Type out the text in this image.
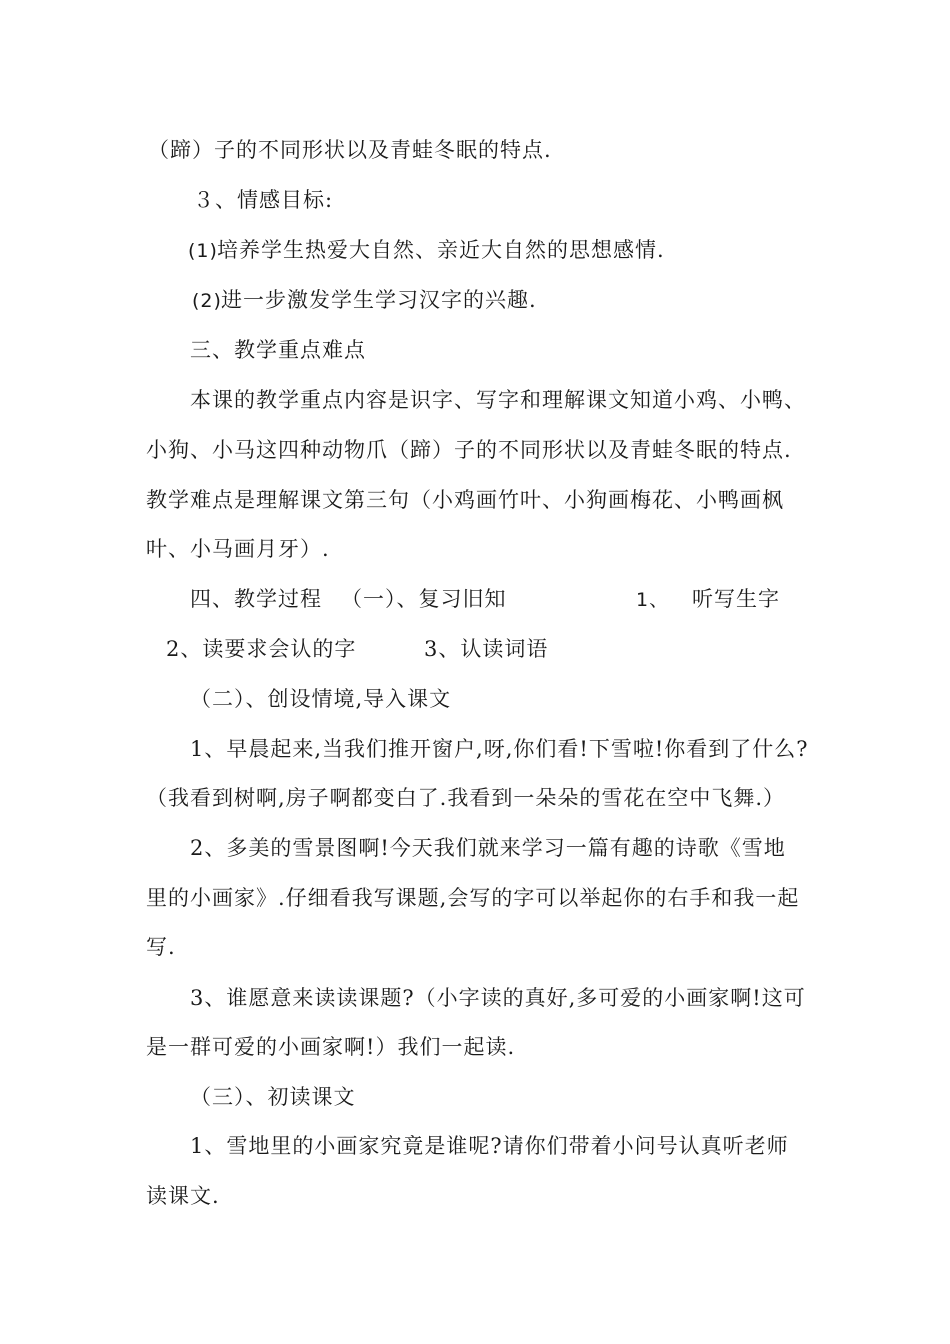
（蹄）子的不同形状以及青蛙冬眠的特点.
３、情感目标:
(1) 培养学生热爱大自然、亲近大自然的思想感情.
(2) 进一步激发学生学习汉字的兴趣.
三、教学重点难点
本课的教学重点内容是识字、写字和理解课文知道小鸡、小鸭、
小狗、小马这四种动物爪（蹄）子的不同形状以及青蛙冬眠的特点.
教学难点是理解课文第三句（小鸡画竹叶、小狗画梅花、小鸭画枫
叶、小马画月牙）.
四、教学过程 （一）、复习旧知	1、 听写生字
2、读要求会认的字	3、认读词语
（二）、创设情境,导入课文
1、早晨起来,当我们推开窗户,呀,你们看!下雪啦!你看到了什么?
（我看到树啊,房子啊都变白了.我看到一朵朵的雪花在空中飞舞.）
2、多美的雪景图啊!今天我们就来学习一篇有趣的诗歌《雪地
里的小画家》.仔细看我写课题,会写的字可以举起你的右手和我一起
写.
3、谁愿意来读读课题?（小字读的真好,多可爱的小画家啊!这可
是一群可爱的小画家啊!）我们一起读.
（三）、初读课文
1、雪地里的小画家究竟是谁呢?请你们带着小问号认真听老师
读课文.
